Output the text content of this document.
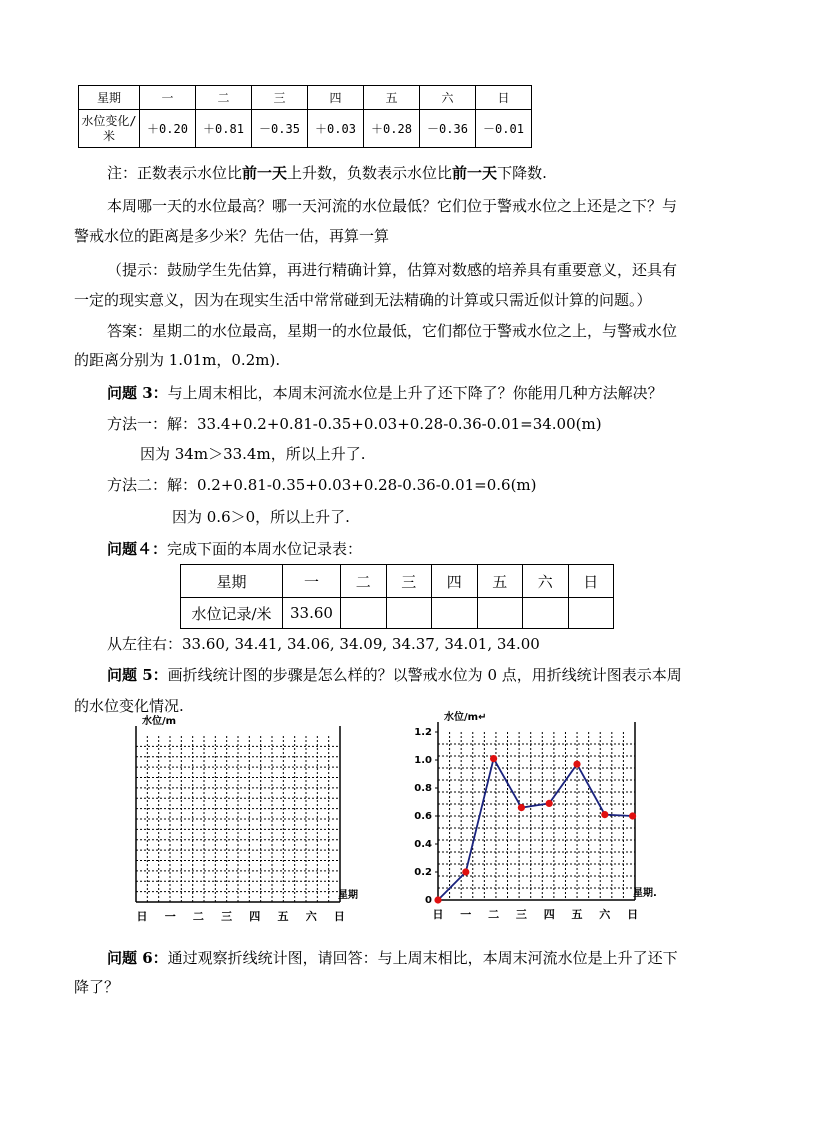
星期	一	二	三	四	五	六	日
水位变化/米	＋0.20	＋0.81	－0.35	＋0.03	＋0.28	－0.36	－0.01
注：正数表示水位比前一天上升数，负数表示水位比前一天下降数.
本周哪一天的水位最高？哪一天河流的水位最低？它们位于警戒水位之上还是之下？与
警戒水位的距离是多少米？先估一估，再算一算
（提示：鼓励学生先估算，再进行精确计算，估算对数感的培养具有重要意义，还具有
一定的现实意义，因为在现实生活中常常碰到无法精确的计算或只需近似计算的问题。）
答案：星期二的水位最高，星期一的水位最低，它们都位于警戒水位之上，与警戒水位
的距离分别为 1.01m，0.2m).
问题 3：与上周末相比，本周末河流水位是上升了还下降了？你能用几种方法解决？
方法一：解：33.4+0.2+0.81-0.35+0.03+0.28-0.36-0.01=34.00(m)
因为 34m＞33.4m，所以上升了.
方法二：解：0.2+0.81-0.35+0.03+0.28-0.36-0.01=0.6(m)
因为 0.6＞0，所以上升了.
问题４：完成下面的本周水位记录表：
星期	一	二	三	四	五	六	日
水位记录/米	33.60						
从左往右：33.60, 34.41, 34.06, 34.09, 34.37, 34.01, 34.00
问题 5：画折线统计图的步骤是怎么样的？以警戒水位为 0 点，用折线统计图表示本周
的水位变化情况.
水位/m
星期
日 一 二 三 四 五 六 日
水位/m↵
星期.
日 一 二 三 四 五 六 日
0
0.2
0.4
0.6
0.8
1.0
1.2
问题 6：通过观察折线统计图，请回答：与上周末相比，本周末河流水位是上升了还下
降了？
